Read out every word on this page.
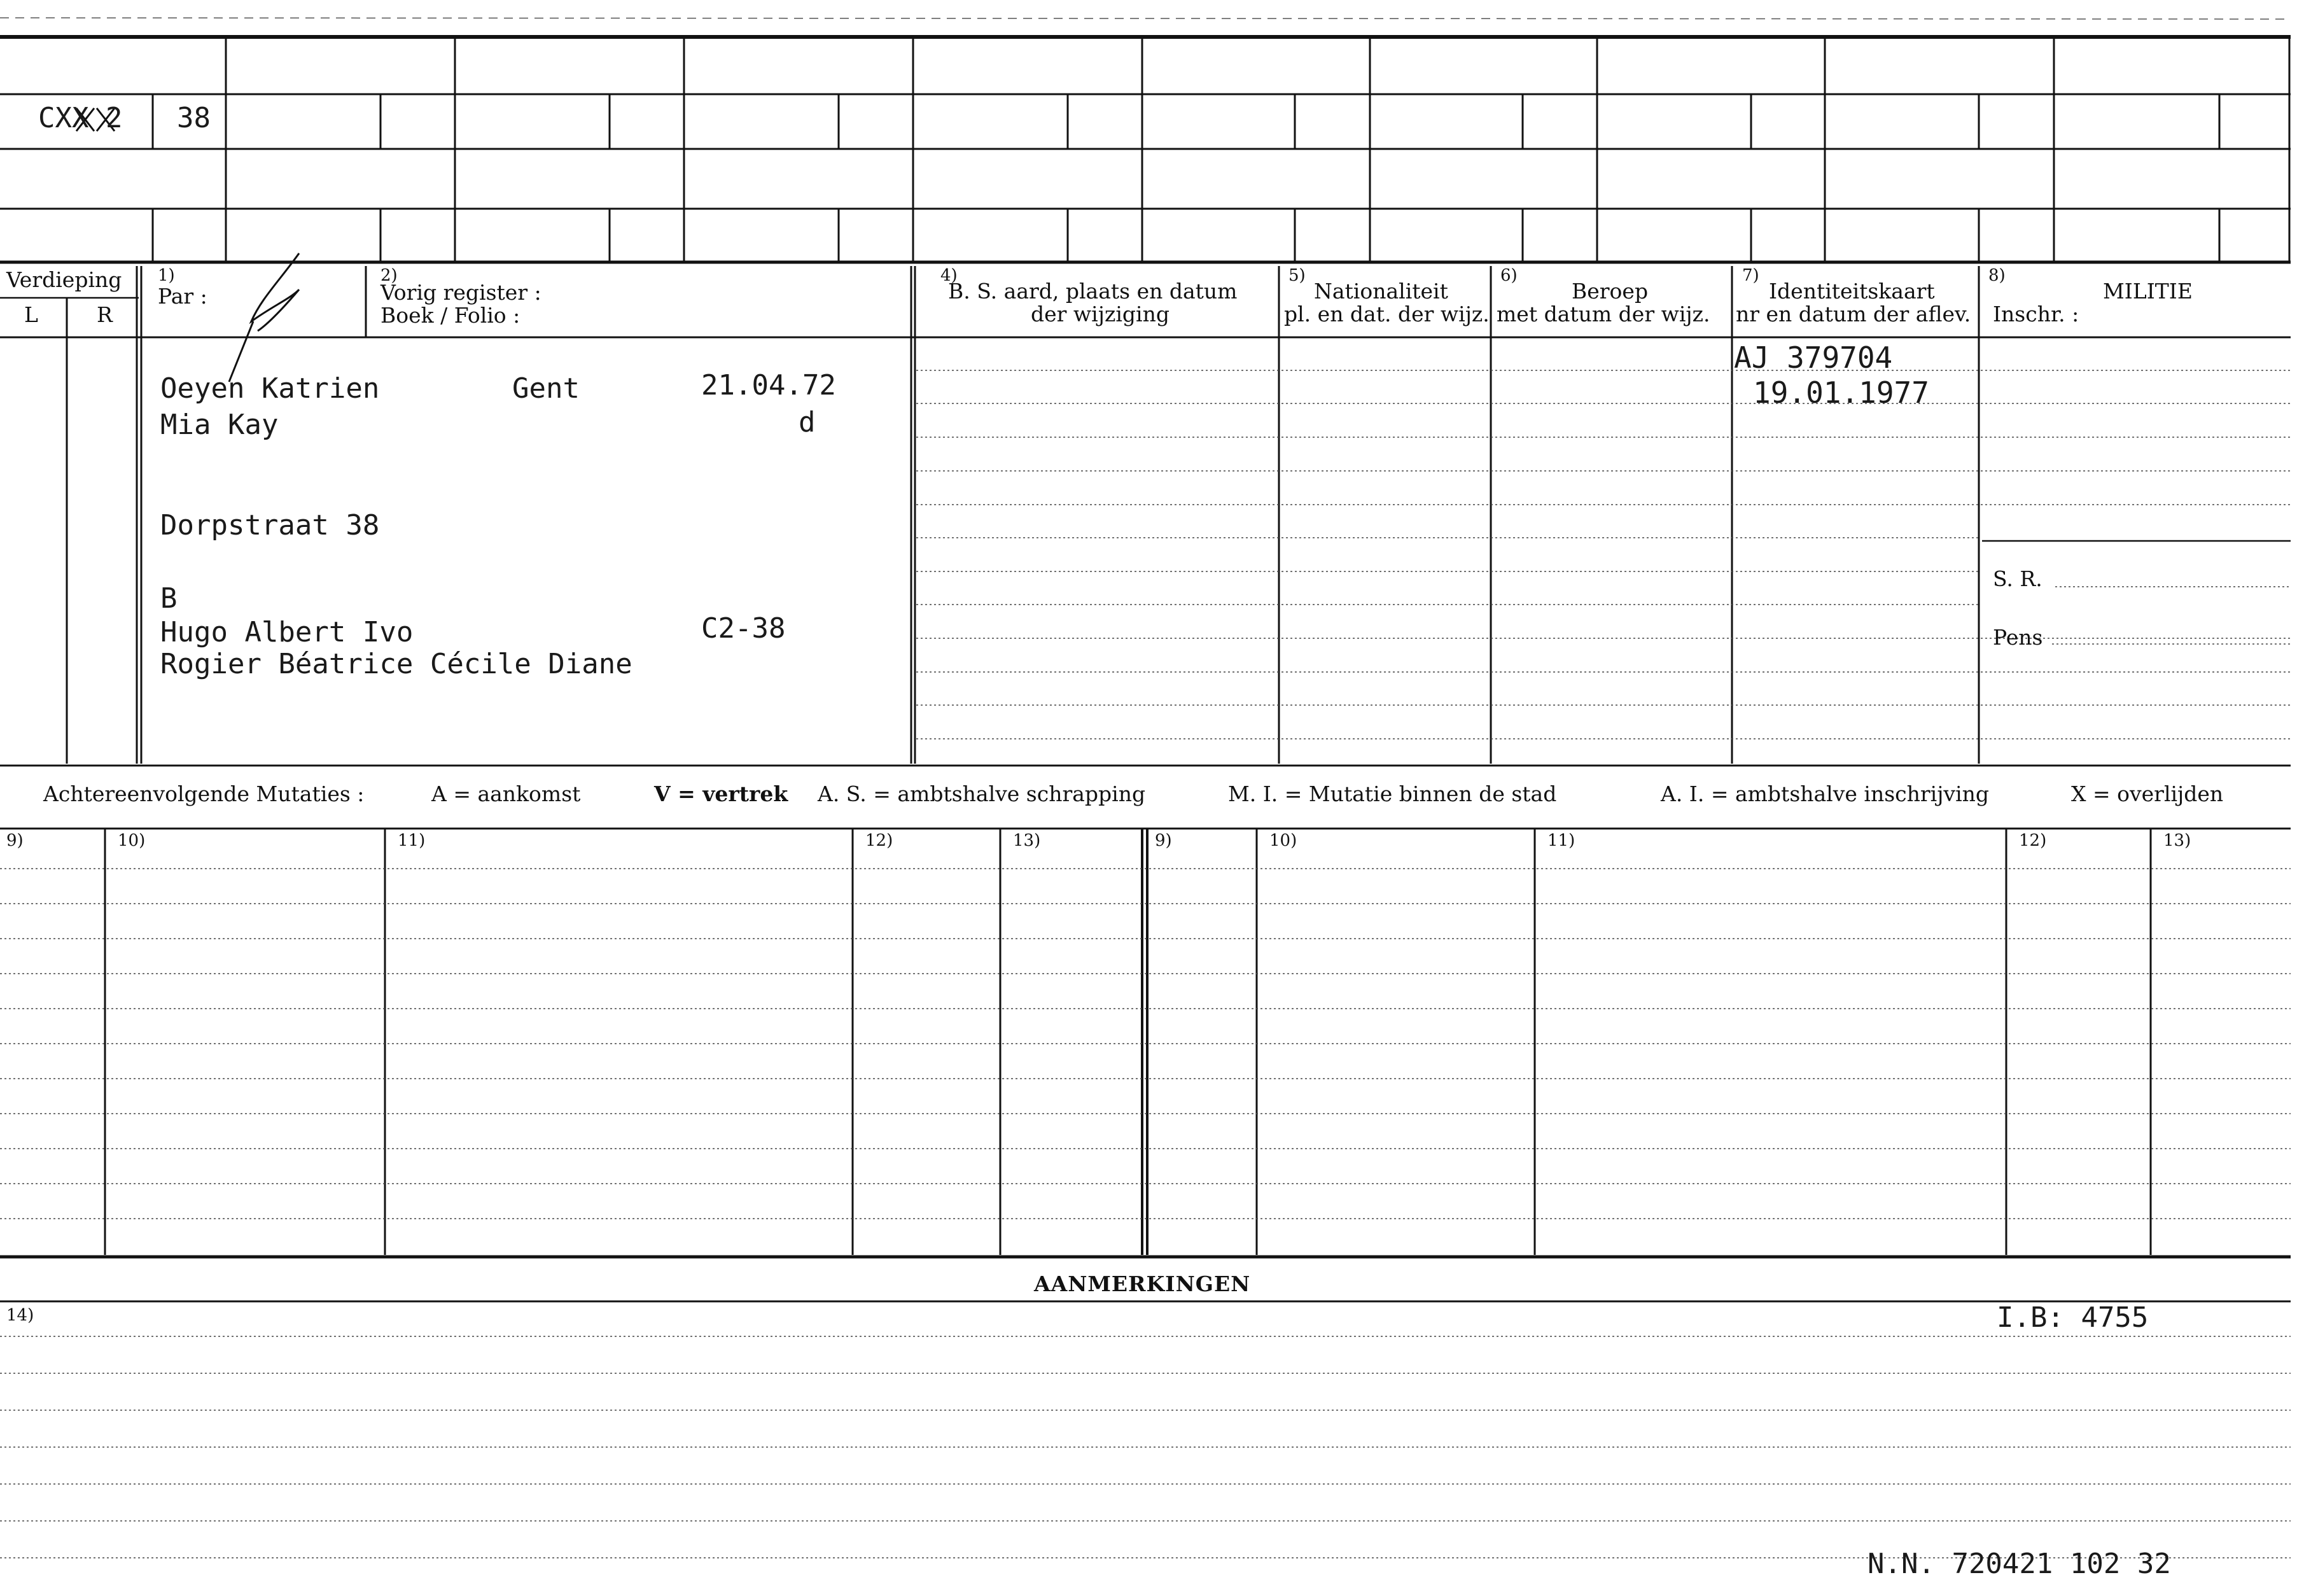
CXX 2 38
Verdieping
L	R
1)
Par :
2)
Vorig register :
Boek / Folio :
4)
B. S. aard, plaats en datum
der wijziging
5)
Nationaliteit
pl. en dat. der wijz.
6)
Beroep
met datum der wijz.
7)
Identiteitskaart
nr en datum der aflev.
8)
MILITIE
Inschr. :
S. R.
Pens
Oeyen Katrien	Gent	21.04.72
Mia Kay	d
Dorpstraat 38
B
Hugo Albert Ivo	C2-38
Rogier Béatrice Cécile Diane
AJ 379704
19.01.1977
Achtereenvolgende Mutaties :	A = aankomst	V = vertrek A. S. = ambtshalve schrapping	M. I. = Mutatie binnen de stad	A. I. = ambtshalve inschrijving	X = overlijden
9)	10)	11)	12)	13)	9)	10)	11)	12)	13)
AANMERKINGEN
14)	I.B: 4755
N.N. 720421 102 32
